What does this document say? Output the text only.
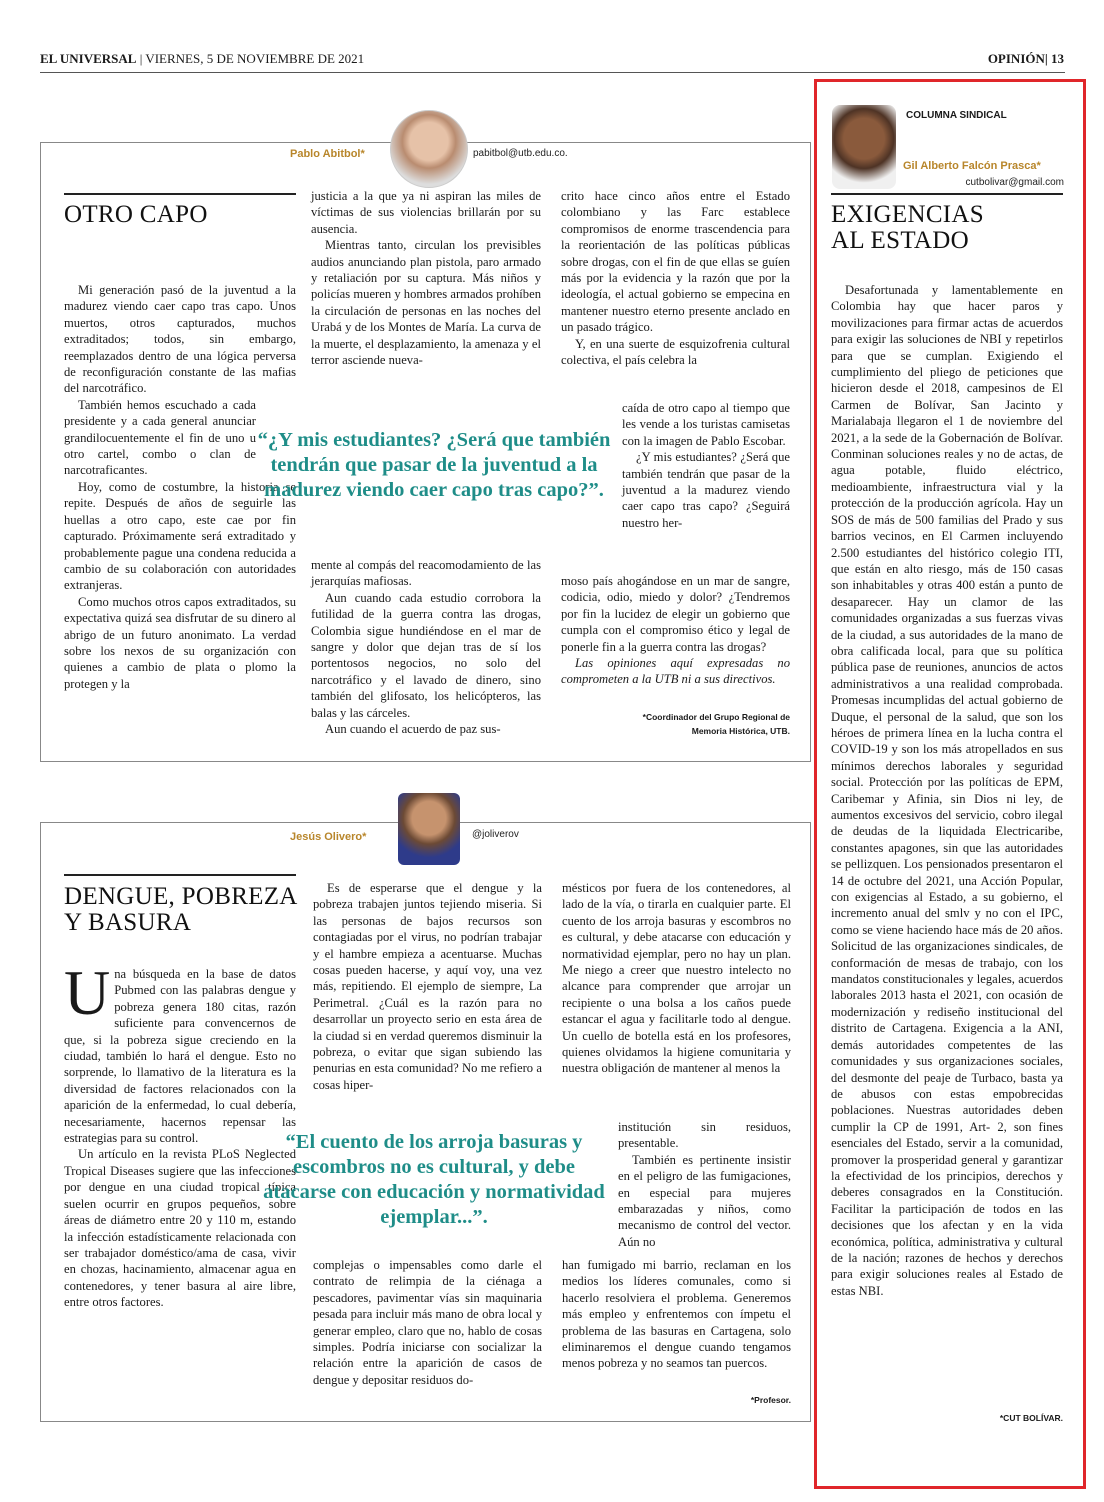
EL UNIVERSAL | VIERNES, 5 DE NOVIEMBRE DE 2021	OPINIÓN| 13
Pablo Abitbol*	pabitbol@utb.edu.co.
OTRO CAPO

Mi generación pasó de la juventud a la madurez viendo caer capo tras capo. Unos muertos, otros capturados, muchos extraditados; todos, sin embargo, reemplazados dentro de una lógica perversa de reconfiguración constante de las mafias del narcotráfico.

También hemos escuchado a cada presidente y a cada general anunciar grandilocuentemente el fin de uno u otro cartel, combo o clan de narcotraficantes.

Hoy, como de costumbre, la historia se repite. Después de años de seguirle las huellas a otro capo, este cae por fin capturado. Próximamente será extraditado y probablemente pague una condena reducida a cambio de su colaboración con autoridades extranjeras.

Como muchos otros capos extraditados, su expectativa quizá sea disfrutar de su dinero al abrigo de un futuro anonimato. La verdad sobre los nexos de su organización con quienes a cambio de plata o plomo la protegen y la

justicia a la que ya ni aspiran las miles de víctimas de sus violencias brillarán por su ausencia.

Mientras tanto, circulan los previsibles audios anunciando plan pistola, paro armado y retaliación por su captura. Más niños y policías mueren y hombres armados prohíben la circulación de personas en las noches del Urabá y de los Montes de María. La curva de la muerte, el desplazamiento, la amenaza y el terror asciende nueva-

mente al compás del reacomodamiento de las jerarquías mafiosas.

Aun cuando cada estudio corrobora la futilidad de la guerra contra las drogas, Colombia sigue hundiéndose en el mar de sangre y dolor que dejan tras de sí los portentosos negocios, no solo del narcotráfico y el lavado de dinero, sino también del glifosato, los helicópteros, las balas y las cárceles.

Aun cuando el acuerdo de paz sus-

crito hace cinco años entre el Estado colombiano y las Farc establece compromisos de enorme trascendencia para la reorientación de las políticas públicas sobre drogas, con el fin de que ellas se guíen más por la evidencia y la razón que por la ideología, el actual gobierno se empecina en mantener nuestro eterno presente anclado en un pasado trágico.

Y, en una suerte de esquizofrenia cultural colectiva, el país celebra la

caída de otro capo al tiempo que les vende a los turistas camisetas con la imagen de Pablo Escobar.

¿Y mis estudiantes? ¿Será que también tendrán que pasar de la juventud a la madurez viendo caer capo tras capo? ¿Seguirá nuestro her-

moso país ahogándose en un mar de sangre, codicia, odio, miedo y dolor? ¿Tendremos por fin la lucidez de elegir un gobierno que cumpla con el compromiso ético y legal de ponerle fin a la guerra contra las drogas?

Las opiniones aquí expresadas no comprometen a la UTB ni a sus directivos.

*Coordinador del Grupo Regional de
Memoria Histórica, UTB.
“¿Y mis estudiantes? ¿Será que también tendrán que pasar de la juventud a la madurez viendo caer capo tras capo?”.
Jesús Olivero*	@joliverov
DENGUE, POBREZA
Y BASURA

Una búsqueda en la base de datos Pubmed con las palabras dengue y pobreza genera 180 citas, razón suficiente para convencernos de que, si la pobreza sigue creciendo en la ciudad, también lo hará el dengue. Esto no sorprende, lo llamativo de la literatura es la diversidad de factores relacionados con la aparición de la enfermedad, lo cual debería, necesariamente, hacernos repensar las estrategias para su control.

Un artículo en la revista PLoS Neglected Tropical Diseases sugiere que las infecciones por dengue en una ciudad tropical típica suelen ocurrir en grupos pequeños, sobre áreas de diámetro entre 20 y 110 m, estando la infección estadísticamente relacionada con ser trabajador doméstico/ama de casa, vivir en chozas, hacinamiento, almacenar agua en contenedores, y tener basura al aire libre, entre otros factores.

Es de esperarse que el dengue y la pobreza trabajen juntos tejiendo miseria. Si las personas de bajos recursos son contagiadas por el virus, no podrían trabajar y el hambre empieza a acentuarse. Muchas cosas pueden hacerse, y aquí voy, una vez más, repitiendo. El ejemplo de siempre, La Perimetral. ¿Cuál es la razón para no desarrollar un proyecto serio en esta área de la ciudad si en verdad queremos disminuir la pobreza, o evitar que sigan subiendo las penurias en esta comunidad? No me refiero a cosas hiper-

complejas o impensables como darle el contrato de relimpia de la ciénaga a pescadores, pavimentar vías sin maquinaria pesada para incluir más mano de obra local y generar empleo, claro que no, hablo de cosas simples. Podría iniciarse con socializar la relación entre la aparición de casos de dengue y depositar residuos do-

mésticos por fuera de los contenedores, al lado de la vía, o tirarla en cualquier parte. El cuento de los arroja basuras y escombros no es cultural, y debe atacarse con educación y normatividad ejemplar, pero no hay un plan. Me niego a creer que nuestro intelecto no alcance para comprender que arrojar un recipiente o una bolsa a los caños puede estancar el agua y facilitarle todo al dengue. Un cuello de botella está en los profesores, quienes olvidamos la higiene comunitaria y nuestra obligación de mantener al menos la

institución sin residuos, presentable.

También es pertinente insistir en el peligro de las fumigaciones, en especial para mujeres embarazadas y niños, como mecanismo de control del vector. Aún no

han fumigado mi barrio, reclaman en los medios los líderes comunales, como si hacerlo resolviera el problema. Generemos más empleo y enfrentemos con ímpetu el problema de las basuras en Cartagena, solo eliminaremos el dengue cuando tengamos menos pobreza y no seamos tan puercos.

*Profesor.
“El cuento de los arroja basuras y escombros no es cultural, y debe atacarse con educación y normatividad ejemplar...”.
COLUMNA SINDICAL
Gil Alberto Falcón Prasca*
cutbolivar@gmail.com
EXIGENCIAS
AL ESTADO

Desafortunada y lamentablemente en Colombia hay que hacer paros y movilizaciones para firmar actas de acuerdos para exigir las soluciones de NBI y repetirlos para que se cumplan. Exigiendo el cumplimiento del pliego de peticiones que hicieron desde el 2018, campesinos de El Carmen de Bolívar, San Jacinto y Marialabaja llegaron el 1 de noviembre del 2021, a la sede de la Gobernación de Bolívar. Conminan soluciones reales y no de actas, de agua potable, fluido eléctrico, medioambiente, infraestructura vial y la protección de la producción agrícola. Hay un SOS de más de 500 familias del Prado y sus barrios vecinos, en El Carmen incluyendo 2.500 estudiantes del histórico colegio ITI, que están en alto riesgo, más de 150 casas son inhabitables y otras 400 están a punto de desaparecer. Hay un clamor de las comunidades organizadas a sus fuerzas vivas de la ciudad, a sus autoridades de la mano de obra calificada local, para que su política pública pase de reuniones, anuncios de actos administrativos a una realidad comprobada. Promesas incumplidas del actual gobierno de Duque, el personal de la salud, que son los héroes de primera línea en la lucha contra el COVID-19 y son los más atropellados en sus mínimos derechos laborales y seguridad social. Protección por las políticas de EPM, Caribemar y Afinia, sin Dios ni ley, de aumentos excesivos del servicio, cobro ilegal de deudas de la liquidada Electricaribe, constantes apagones, sin que las autoridades se pellizquen. Los pensionados presentaron el 14 de octubre del 2021, una Acción Popular, con exigencias al Estado, a su gobierno, el incremento anual del smlv y no con el IPC, como se viene haciendo hace más de 20 años. Solicitud de las organizaciones sindicales, de conformación de mesas de trabajo, con los mandatos constitucionales y legales, acuerdos laborales 2013 hasta el 2021, con ocasión de modernización y rediseño institucional del distrito de Cartagena. Exigencia a la ANI, demás autoridades competentes de las comunidades y sus organizaciones sociales, del desmonte del peaje de Turbaco, basta ya de abusos con estas empobrecidas poblaciones. Nuestras autoridades deben cumplir la CP de 1991, Art- 2, son fines esenciales del Estado, servir a la comunidad, promover la prosperidad general y garantizar la efectividad de los principios, derechos y deberes consagrados en la Constitución. Facilitar la participación de todos en las decisiones que los afectan y en la vida económica, política, administrativa y cultural de la nación; razones de hechos y derechos para exigir soluciones reales al Estado de estas NBI.

*CUT BOLÍVAR.
